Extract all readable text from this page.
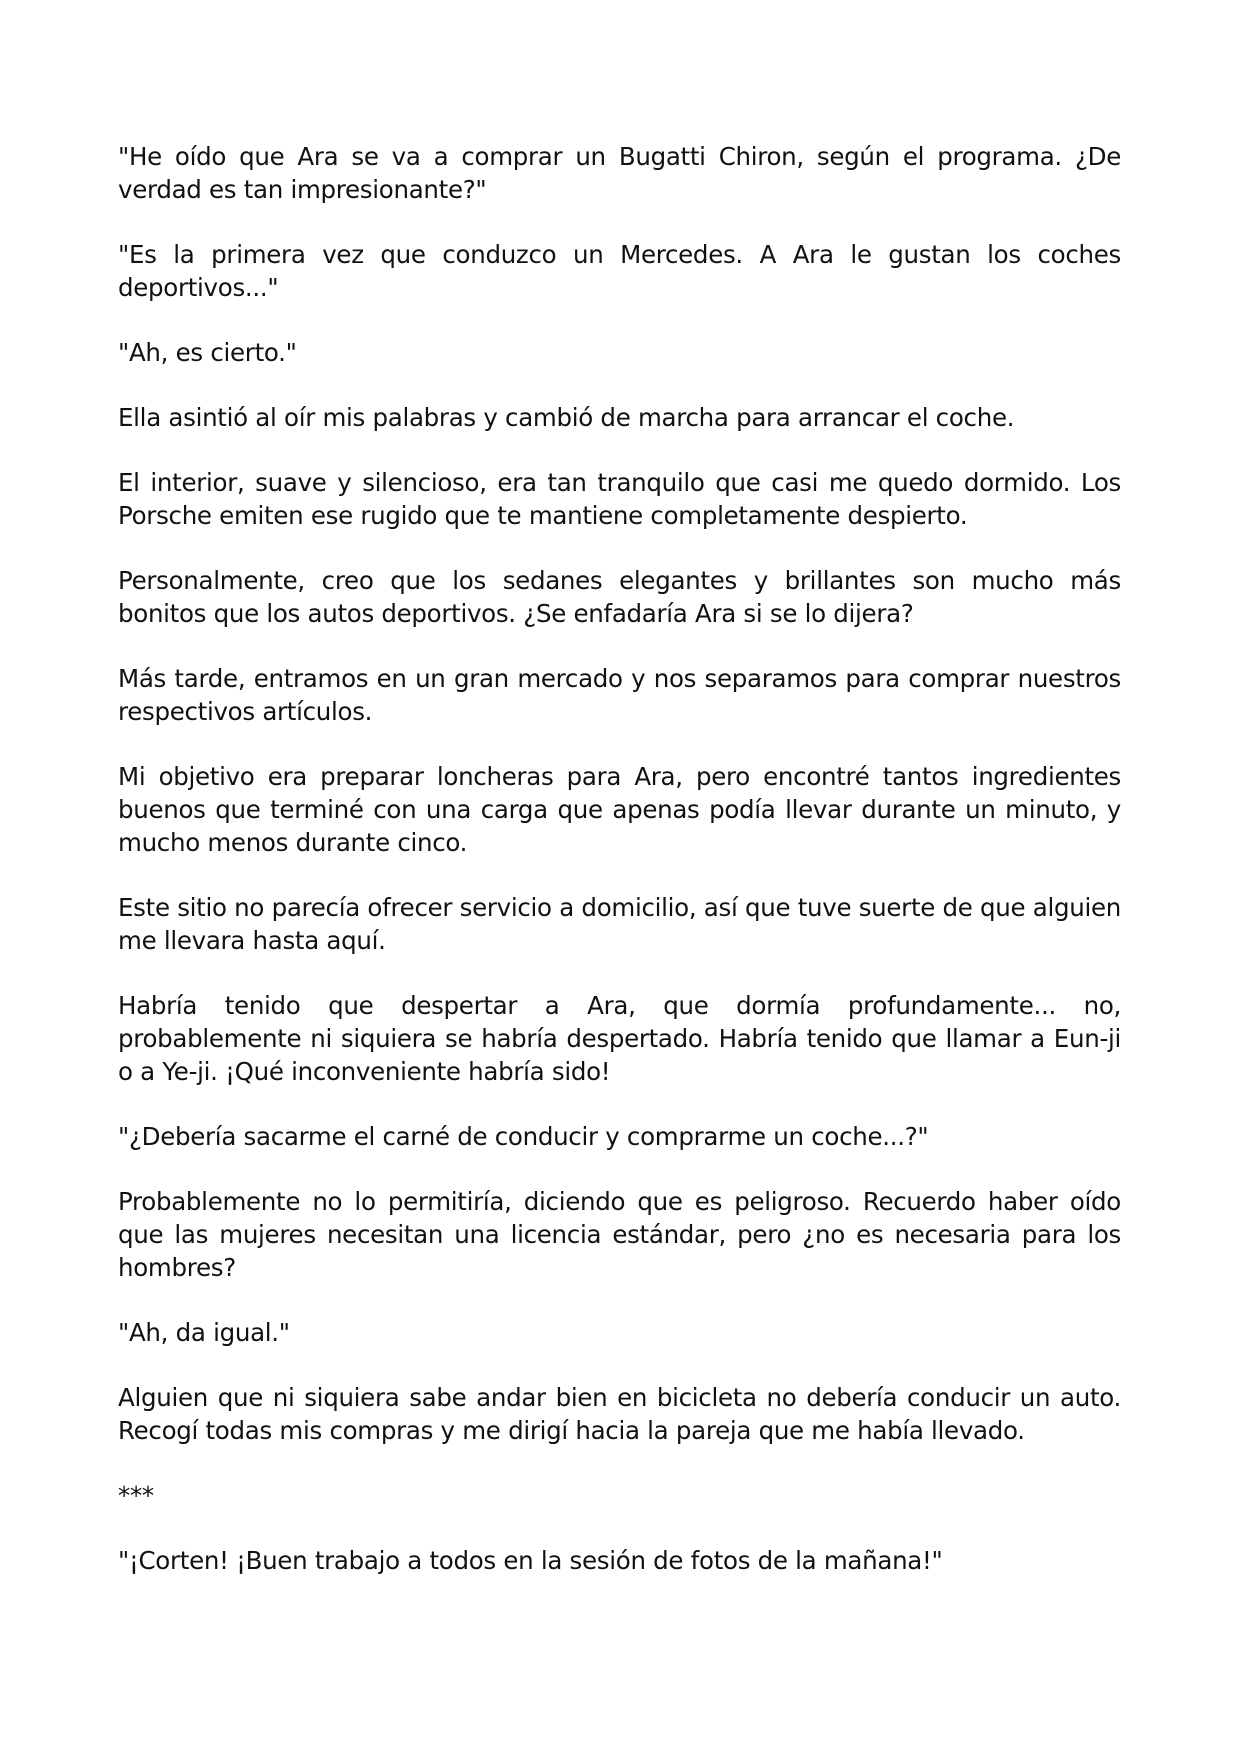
"He oído que Ara se va a comprar un Bugatti Chiron, según el programa. ¿De verdad es tan impresionante?"

"Es la primera vez que conduzco un Mercedes. A Ara le gustan los coches deportivos..."

"Ah, es cierto."

Ella asintió al oír mis palabras y cambió de marcha para arrancar el coche.

El interior, suave y silencioso, era tan tranquilo que casi me quedo dormido. Los Porsche emiten ese rugido que te mantiene completamente despierto.

Personalmente, creo que los sedanes elegantes y brillantes son mucho más bonitos que los autos deportivos. ¿Se enfadaría Ara si se lo dijera?

Más tarde, entramos en un gran mercado y nos separamos para comprar nuestros respectivos artículos.

Mi objetivo era preparar loncheras para Ara, pero encontré tantos ingredientes buenos que terminé con una carga que apenas podía llevar durante un minuto, y mucho menos durante cinco.

Este sitio no parecía ofrecer servicio a domicilio, así que tuve suerte de que alguien me llevara hasta aquí.

Habría tenido que despertar a Ara, que dormía profundamente... no, probablemente ni siquiera se habría despertado. Habría tenido que llamar a Eun-ji o a Ye-ji. ¡Qué inconveniente habría sido!

"¿Debería sacarme el carné de conducir y comprarme un coche...?"

Probablemente no lo permitiría, diciendo que es peligroso. Recuerdo haber oído que las mujeres necesitan una licencia estándar, pero ¿no es necesaria para los hombres?

"Ah, da igual."

Alguien que ni siquiera sabe andar bien en bicicleta no debería conducir un auto. Recogí todas mis compras y me dirigí hacia la pareja que me había llevado.

***

"¡Corten! ¡Buen trabajo a todos en la sesión de fotos de la mañana!"
